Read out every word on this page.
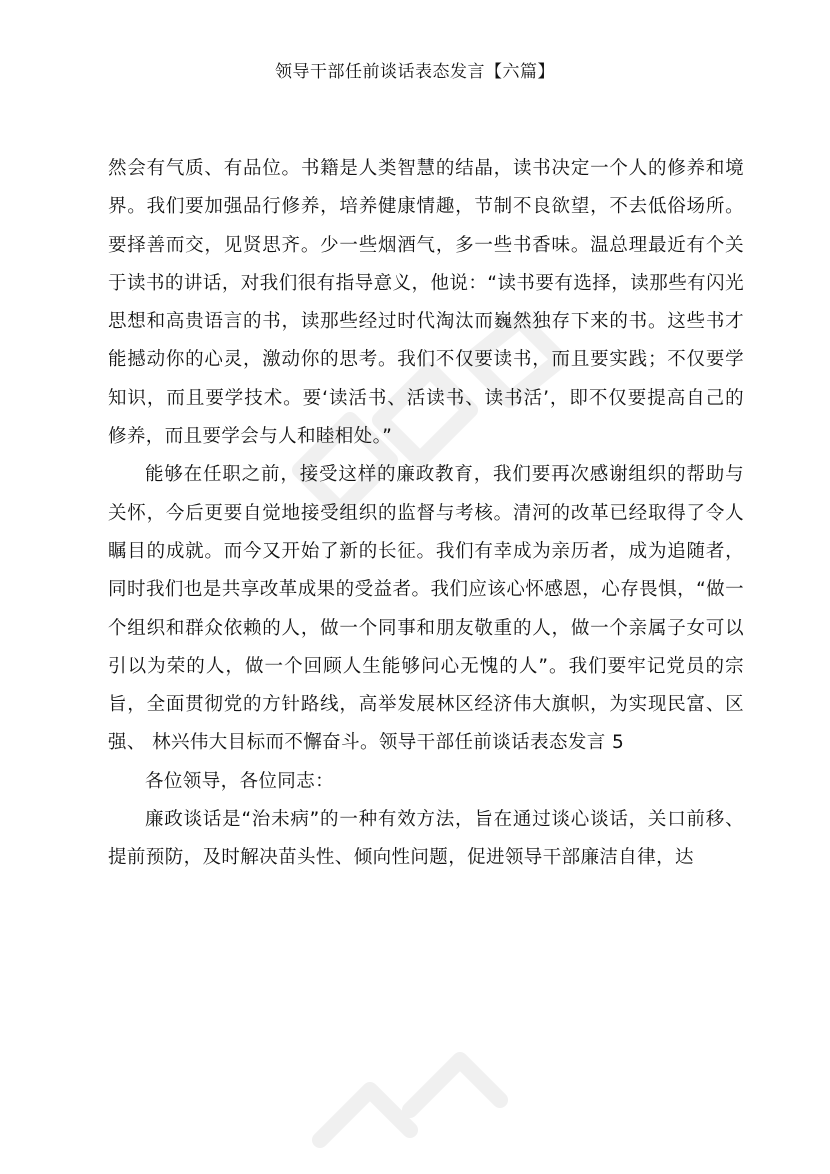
领导干部任前谈话表态发言【六篇】

然会有气质、有品位。书籍是人类智慧的结晶，读书决定一个人的修养和境界。我们要加强品行修养，培养健康情趣，节制不良欲望，不去低俗场所。要择善而交，见贤思齐。少一些烟酒气，多一些书香味。温总理最近有个关于读书的讲话，对我们很有指导意义，他说：“读书要有选择，读那些有闪光思想和高贵语言的书，读那些经过时代淘汰而巍然独存下来的书。这些书才能撼动你的心灵，激动你的思考。我们不仅要读书，而且要实践；不仅要学知识，而且要学技术。要‘读活书、活读书、读书活’，即不仅要提高自己的修养，而且要学会与人和睦相处。”

能够在任职之前，接受这样的廉政教育，我们要再次感谢组织的帮助与关怀，今后更要自觉地接受组织的监督与考核。清河的改革已经取得了令人瞩目的成就。而今又开始了新的长征。我们有幸成为亲历者，成为追随者，同时我们也是共享改革成果的受益者。我们应该心怀感恩，心存畏惧，“做一个组织和群众依赖的人，做一个同事和朋友敬重的人，做一个亲属子女可以引以为荣的人，做一个回顾人生能够问心无愧的人”。我们要牢记党员的宗旨，全面贯彻党的方针路线，高举发展林区经济伟大旗帜，为实现民富、区强、 林兴伟大目标而不懈奋斗。领导干部任前谈话表态发言 5

各位领导，各位同志：

廉政谈话是“治未病”的一种有效方法，旨在通过谈心谈话，关口前移、提前预防，及时解决苗头性、倾向性问题，促进领导干部廉洁自律，达
